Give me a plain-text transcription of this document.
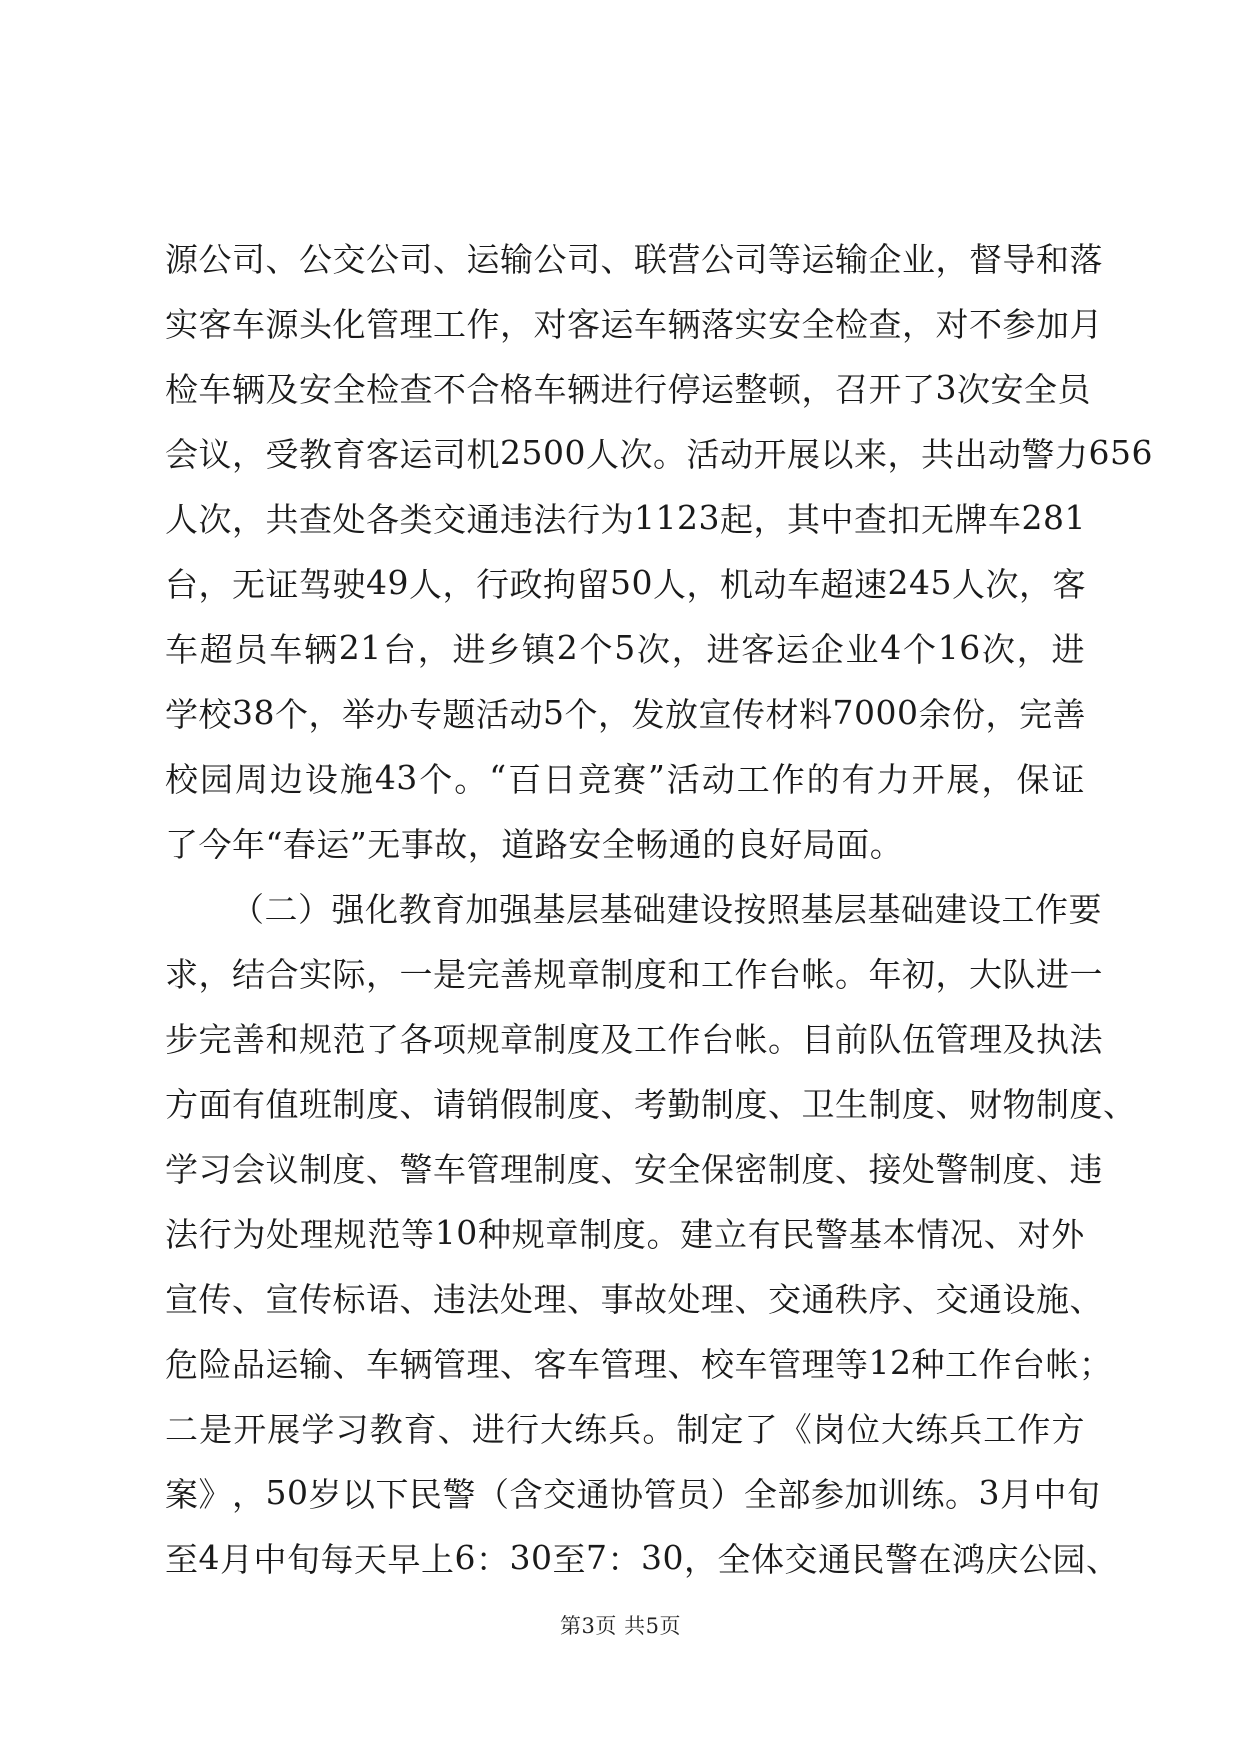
源 公 司 、 公 交 公 司 、 运 输 公 司 、 联 营 公 司 等 运 输 企 业 ， 督 导 和 落
实 客 车 源 头 化 管 理 工 作 ， 对 客 运 车 辆 落 实 安 全 检 查 ， 对 不 参 加 月
检 车 辆 及 安 全 检 查 不 合 格 车 辆 进 行 停 运 整 顿 ， 召 开 了 3 次 安 全 员
会 议 ， 受 教 育 客 运 司 机 2500 人 次 。 活 动 开 展 以 来 ， 共 出 动 警 力 656
人 次 ， 共 查 处 各 类 交 通 违 法 行 为 1123 起 ， 其 中 查 扣 无 牌 车 281
台 ， 无 证 驾 驶 49 人 ， 行 政 拘 留 50 人 ， 机 动 车 超 速 245 人 次 ， 客
车 超 员 车 辆 21 台 ， 进 乡 镇 2 个 5 次 ， 进 客 运 企 业 4 个 16 次 ， 进
学 校 38 个 ， 举 办 专 题 活 动 5 个 ， 发 放 宣 传 材 料 7000 余 份 ， 完 善
校 园 周 边 设 施 43 个 。 “ 百 日 竞 赛 ” 活 动 工 作 的 有 力 开 展 ， 保 证
了今年“春运”无事故，道路安全畅通的良好局面。
（ 二 ） 强 化 教 育 加 强 基 层 基 础 建 设 按 照 基 层 基 础 建 设 工 作 要
求 ， 结 合 实 际 ， 一 是 完 善 规 章 制 度 和 工 作 台 帐 。 年 初 ， 大 队 进 一
步 完 善 和 规 范 了 各 项 规 章 制 度 及 工 作 台 帐 。 目 前 队 伍 管 理 及 执 法
方 面 有 值 班 制 度 、 请 销 假 制 度 、 考 勤 制 度 、 卫 生 制 度 、 财 物 制 度 、
学 习 会 议 制 度 、 警 车 管 理 制 度 、 安 全 保 密 制 度 、 接 处 警 制 度 、 违
法 行 为 处 理 规 范 等 10 种 规 章 制 度 。 建 立 有 民 警 基 本 情 况 、 对 外
宣 传 、 宣 传 标 语 、 违 法 处 理 、 事 故 处 理 、 交 通 秩 序 、 交 通 设 施 、
危 险 品 运 输 、 车 辆 管 理 、 客 车 管 理 、 校 车 管 理 等 12 种 工 作 台 帐 ；
二 是 开 展 学 习 教 育 、 进 行 大 练 兵 。 制 定 了 《 岗 位 大 练 兵 工 作 方
案 》 ， 50 岁 以 下 民 警 （ 含 交 通 协 管 员 ） 全 部 参 加 训 练 。 3 月 中 旬
至 4 月 中 旬 每 天 早 上 6 ： 30 至 7 ： 30 ， 全 体 交 通 民 警 在 鸿 庆 公 园 、
第3页 共5页
